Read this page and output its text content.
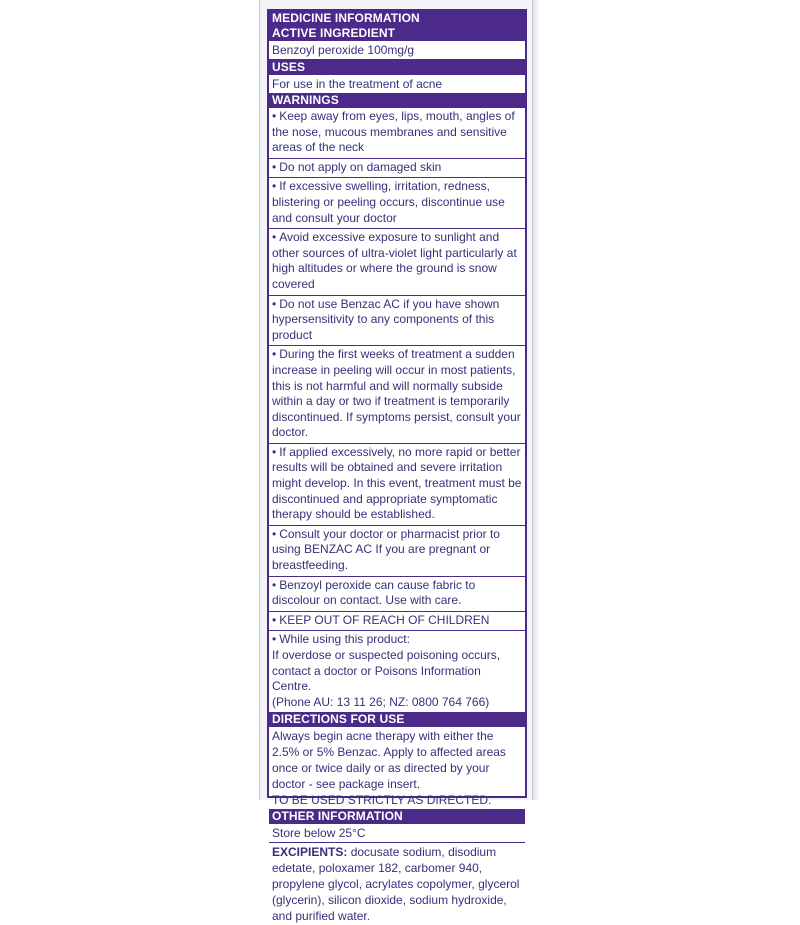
MEDICINE INFORMATION
ACTIVE INGREDIENT
Benzoyl peroxide 100mg/g
USES
For use in the treatment of acne
WARNINGS
• Keep away from eyes, lips, mouth, angles of the nose, mucous membranes and sensitive areas of the neck
• Do not apply on damaged skin
• If excessive swelling, irritation, redness, blistering or peeling occurs, discontinue use and consult your doctor
• Avoid excessive exposure to sunlight and other sources of ultra-violet light particularly at high altitudes or where the ground is snow covered
• Do not use Benzac AC if you have shown hypersensitivity to any components of this product
• During the first weeks of treatment a sudden increase in peeling will occur in most patients, this is not harmful and will normally subside within a day or two if treatment is temporarily discontinued. If symptoms persist, consult your doctor.
• If applied excessively, no more rapid or better results will be obtained and severe irritation might develop. In this event, treatment must be discontinued and appropriate symptomatic therapy should be established.
• Consult your doctor or pharmacist prior to using BENZAC AC If you are pregnant or breastfeeding.
• Benzoyl peroxide can cause fabric to discolour on contact. Use with care.
• KEEP OUT OF REACH OF CHILDREN
• While using this product:
If overdose or suspected poisoning occurs, contact a doctor or Poisons Information Centre.
(Phone AU: 13 11 26; NZ: 0800 764 766)
DIRECTIONS FOR USE
Always begin acne therapy with either the 2.5% or 5% Benzac. Apply to affected areas once or twice daily or as directed by your doctor - see package insert.
TO BE USED STRICTLY AS DIRECTED.
OTHER INFORMATION
Store below 25°C
EXCIPIENTS: docusate sodium, disodium edetate, poloxamer 182, carbomer 940, propylene glycol, acrylates copolymer, glycerol (glycerin), silicon dioxide, sodium hydroxide, and purified water.
